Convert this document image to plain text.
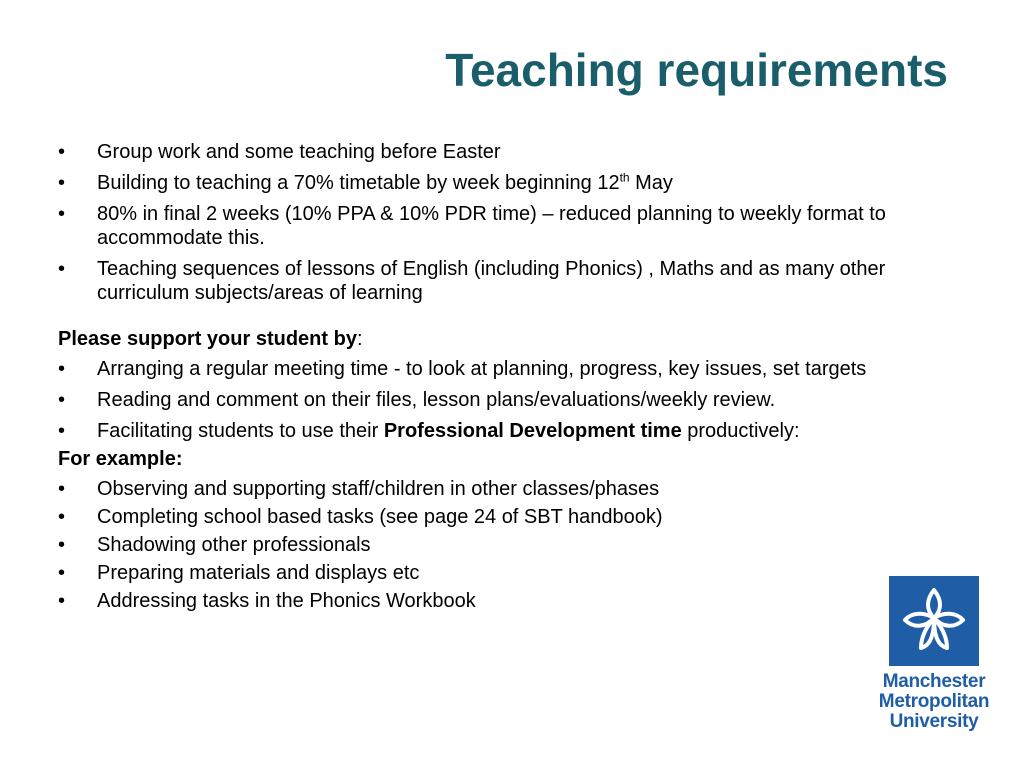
Teaching requirements
• Group work and some teaching before Easter
• Building to teaching a 70% timetable by week beginning 12th May
• 80% in final 2 weeks (10% PPA & 10% PDR time) – reduced planning to weekly format to accommodate this.
• Teaching sequences of lessons of English (including Phonics) , Maths and as many other curriculum subjects/areas of learning

Please support your student by:

• Arranging a regular meeting time - to look at planning, progress, key issues, set targets
• Reading and comment on their files, lesson plans/evaluations/weekly review.
• Facilitating students to use their Professional Development time productively:

For example:

• Observing and supporting staff/children in other classes/phases
• Completing school based tasks (see page 24 of SBT handbook)
• Shadowing other professionals
• Preparing materials and displays etc
• Addressing tasks in the Phonics Workbook
Manchester
Metropolitan
University
